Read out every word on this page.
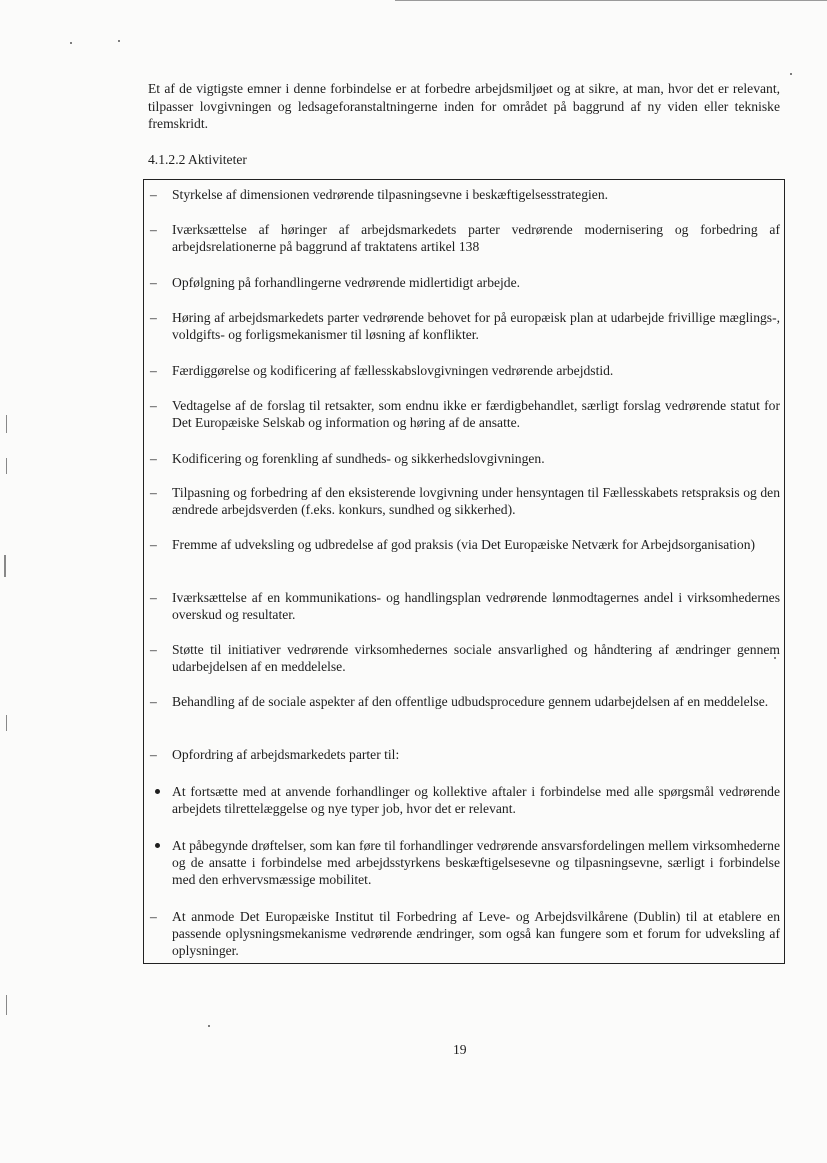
Et af de vigtigste emner i denne forbindelse er at forbedre arbejdsmiljøet og at sikre, at man, hvor det er relevant, tilpasser lovgivningen og ledsageforanstaltningerne inden for området på baggrund af ny viden eller tekniske fremskridt.

4.1.2.2 Aktiviteter

–	Styrkelse af dimensionen vedrørende tilpasningsevne i beskæftigelsesstrategien.
–	Iværksættelse af høringer af arbejdsmarkedets parter vedrørende modernisering og forbedring af arbejdsrelationerne på baggrund af traktatens artikel 138
–	Opfølgning på forhandlingerne vedrørende midlertidigt arbejde.
–	Høring af arbejdsmarkedets parter vedrørende behovet for på europæisk plan at udarbejde frivillige mæglings-, voldgifts- og forligsmekanismer til løsning af konflikter.
–	Færdiggørelse og kodificering af fællesskabslovgivningen vedrørende arbejdstid.
–	Vedtagelse af de forslag til retsakter, som endnu ikke er færdigbehandlet, særligt forslag vedrørende statut for Det Europæiske Selskab og information og høring af de ansatte.
–	Kodificering og forenkling af sundheds- og sikkerhedslovgivningen.
–	Tilpasning og forbedring af den eksisterende lovgivning under hensyntagen til Fællesskabets retspraksis og den ændrede arbejdsverden (f.eks. konkurs, sundhed og sikkerhed).
–	Fremme af udveksling og udbredelse af god praksis (via Det Europæiske Netværk for Arbejdsorganisation)
–	Iværksættelse af en kommunikations- og handlingsplan vedrørende lønmodtagernes andel i virksomhedernes overskud og resultater.
–	Støtte til initiativer vedrørende virksomhedernes sociale ansvarlighed og håndtering af ændringer gennem udarbejdelsen af en meddelelse.
–	Behandling af de sociale aspekter af den offentlige udbudsprocedure gennem udarbejdelsen af en meddelelse.
–	Opfordring af arbejdsmarkedets parter til:
At fortsætte med at anvende forhandlinger og kollektive aftaler i forbindelse med alle spørgsmål vedrørende arbejdets tilrettelæggelse og nye typer job, hvor det er relevant.
At påbegynde drøftelser, som kan føre til forhandlinger vedrørende ansvarsfordelingen mellem virksomhederne og de ansatte i forbindelse med arbejdsstyrkens beskæftigelsesevne og tilpasningsevne, særligt i forbindelse med den erhvervsmæssige mobilitet.
–	At anmode Det Europæiske Institut til Forbedring af Leve- og Arbejdsvilkårene (Dublin) til at etablere en passende oplysningsmekanisme vedrørende ændringer, som også kan fungere som et forum for udveksling af oplysninger.
19
